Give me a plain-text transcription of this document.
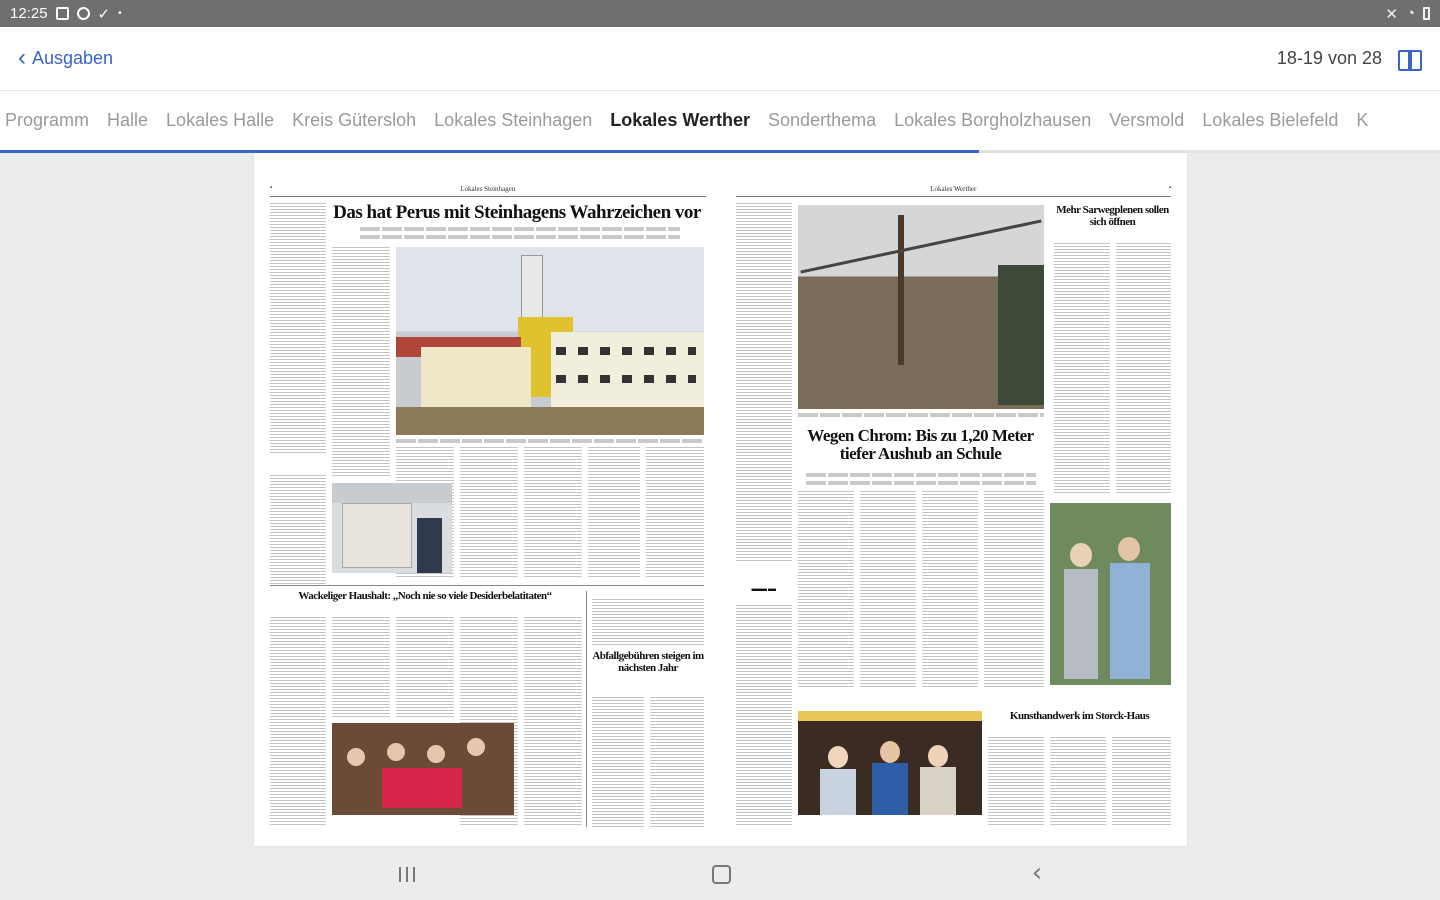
12:25	✓ •	✕ ◔
‹ Ausgaben	18-19 von 28
Programm	Halle	Lokales Halle	Kreis Gütersloh	Lokales Steinhagen	Lokales Werther	Sonderthema	Lokales Borgholzhausen	Versmold	Lokales Bielefeld	K
▪	Lokales Steinhagen
Das hat Perus mit Steinhagens Wahrzeichen vor
Wackeliger Haushalt: „Noch nie so viele Desiderbelatitaten“
Abfallgebühren steigen im nächsten Jahr
Lokales Werther	▪
Wegen Chrom: Bis zu 1,20 Meter tiefer Aushub an Schule
Mehr Sarwegplenen sollen sich öffnen
▬▬ ▬
Kunsthandwerk im Storck-Haus
‹
